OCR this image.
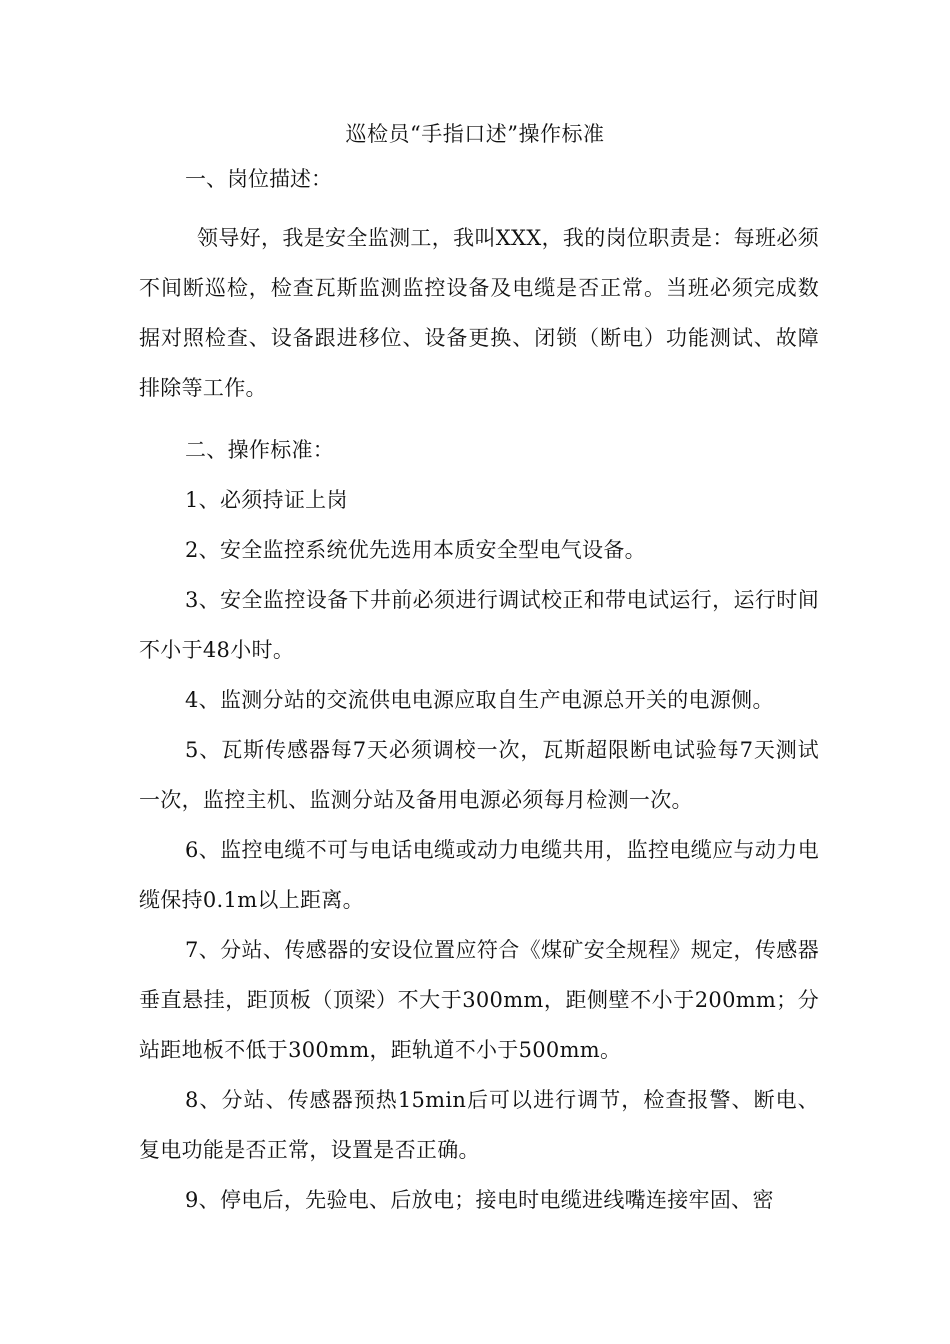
巡检员“手指口述”操作标准

一、岗位描述：

领导好，我是安全监测工，我叫XXX，我的岗位职责是：每班必须不间断巡检，检查瓦斯监测监控设备及电缆是否正常。当班必须完成数据对照检查、设备跟进移位、设备更换、闭锁（断电）功能测试、故障排除等工作。

二、操作标准：

1、必须持证上岗

2、安全监控系统优先选用本质安全型电气设备。

3、安全监控设备下井前必须进行调试校正和带电试运行，运行时间不小于48小时。

4、监测分站的交流供电电源应取自生产电源总开关的电源侧。

5、瓦斯传感器每7天必须调校一次，瓦斯超限断电试验每7天测试一次，监控主机、监测分站及备用电源必须每月检测一次。

6、监控电缆不可与电话电缆或动力电缆共用，监控电缆应与动力电缆保持0.1m以上距离。

7、分站、传感器的安设位置应符合《煤矿安全规程》规定，传感器垂直悬挂，距顶板（顶梁）不大于300mm，距侧壁不小于200mm；分站距地板不低于300mm，距轨道不小于500mm。

8、分站、传感器预热15min后可以进行调节，检查报警、断电、复电功能是否正常，设置是否正确。

9、停电后，先验电、后放电；接电时电缆进线嘴连接牢固、密
